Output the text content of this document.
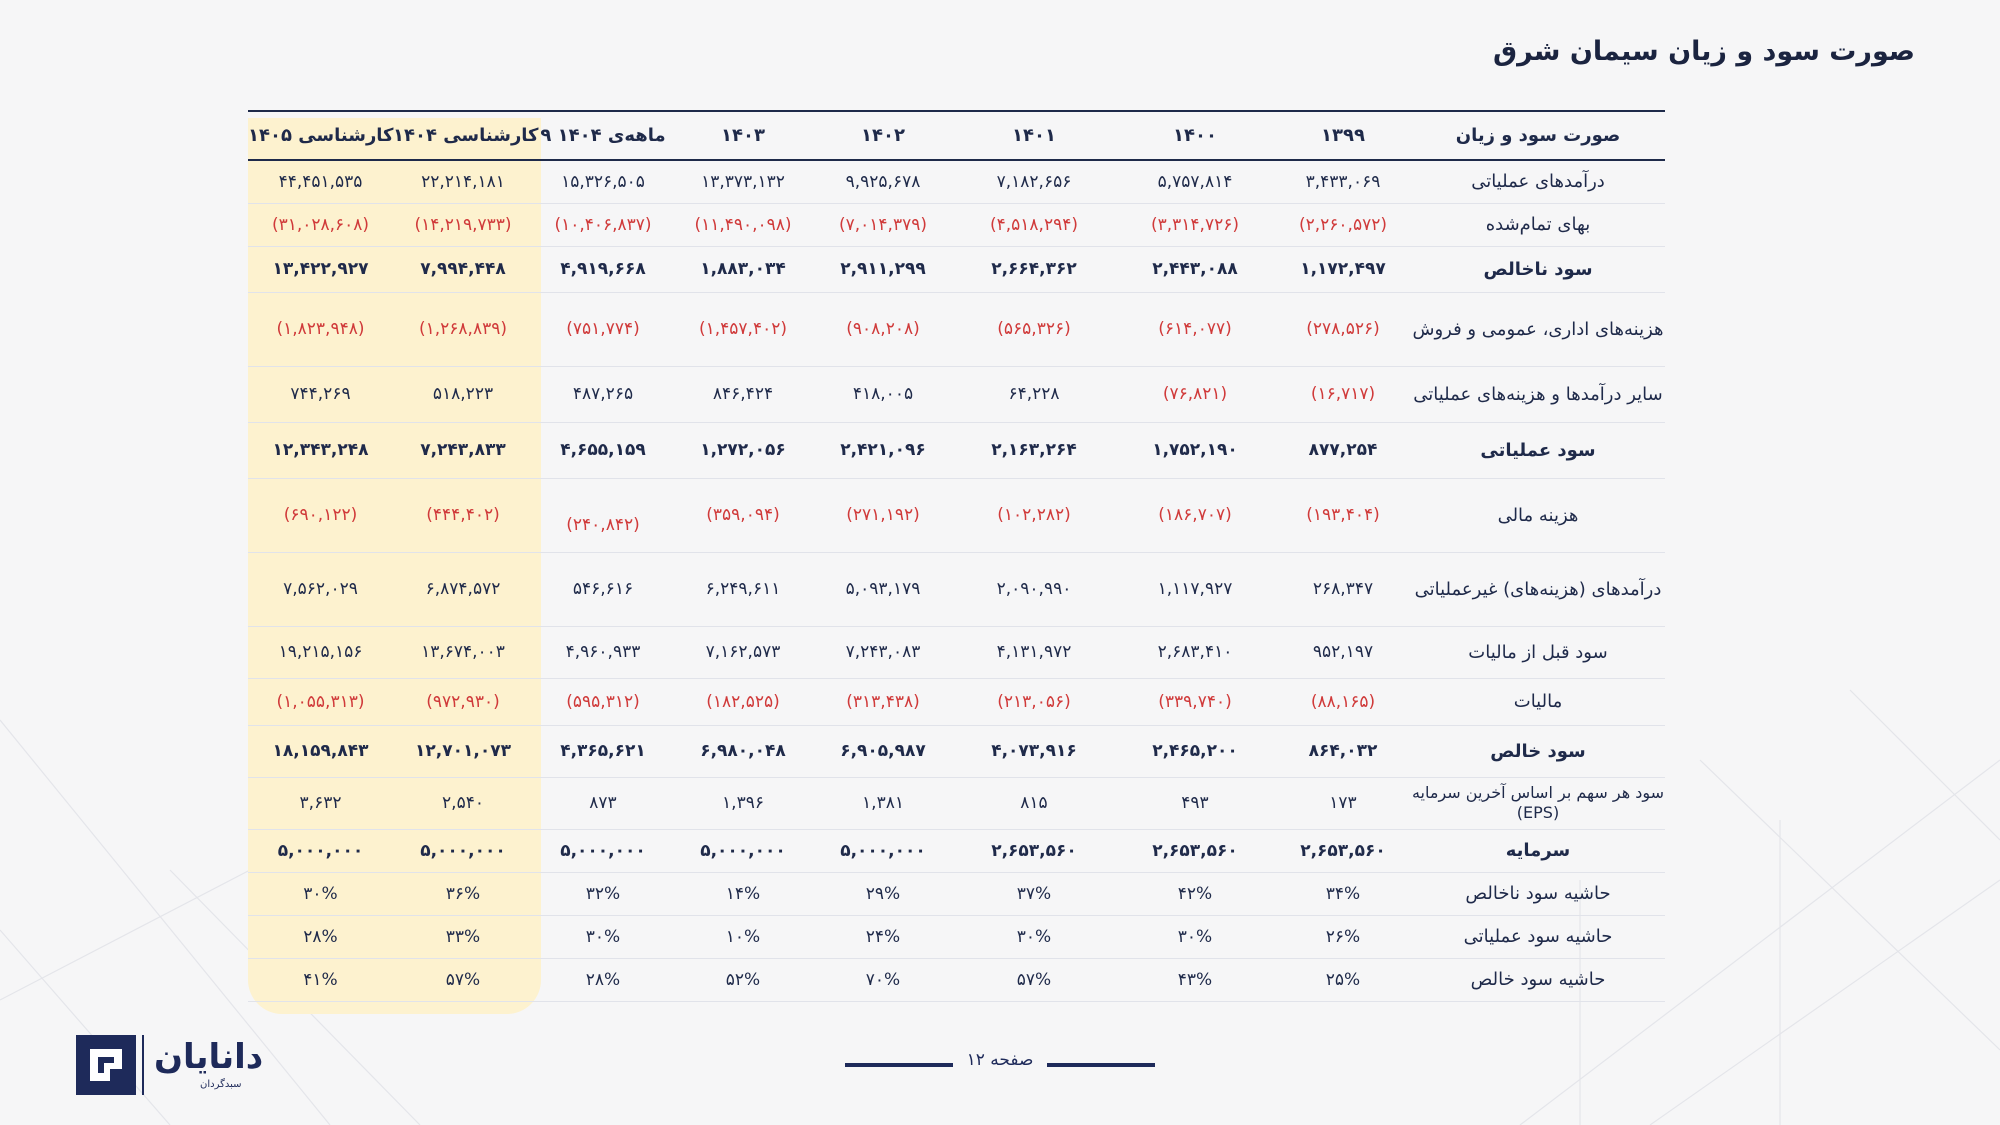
صورت سود و زیان سیمان شرق
کارشناسی ۱۴۰۵	کارشناسی ۱۴۰۴	۹ ماهه‌ی ۱۴۰۴	۱۴۰۳	۱۴۰۲	۱۴۰۱	۱۴۰۰	۱۳۹۹	صورت سود و زیان
۴۴,۴۵۱,۵۳۵	۲۲,۲۱۴,۱۸۱	۱۵,۳۲۶,۵۰۵	۱۳,۳۷۳,۱۳۲	۹,۹۲۵,۶۷۸	۷,۱۸۲,۶۵۶	۵,۷۵۷,۸۱۴	۳,۴۳۳,۰۶۹	درآمدهای عملیاتی
(۳۱,۰۲۸,۶۰۸)	(۱۴,۲۱۹,۷۳۳)	(۱۰,۴۰۶,۸۳۷)	(۱۱,۴۹۰,۰۹۸)	(۷,۰۱۴,۳۷۹)	(۴,۵۱۸,۲۹۴)	(۳,۳۱۴,۷۲۶)	(۲,۲۶۰,۵۷۲)	بهای تمام‌شده
۱۳,۴۲۲,۹۲۷	۷,۹۹۴,۴۴۸	۴,۹۱۹,۶۶۸	۱,۸۸۳,۰۳۴	۲,۹۱۱,۲۹۹	۲,۶۶۴,۳۶۲	۲,۴۴۳,۰۸۸	۱,۱۷۲,۴۹۷	سود ناخالص
(۱,۸۲۳,۹۴۸)	(۱,۲۶۸,۸۳۹)	(۷۵۱,۷۷۴)	(۱,۴۵۷,۴۰۲)	(۹۰۸,۲۰۸)	(۵۶۵,۳۲۶)	(۶۱۴,۰۷۷)	(۲۷۸,۵۲۶)	هزینه‌های اداری، عمومی و فروش
۷۴۴,۲۶۹	۵۱۸,۲۲۳	۴۸۷,۲۶۵	۸۴۶,۴۲۴	۴۱۸,۰۰۵	۶۴,۲۲۸	(۷۶,۸۲۱)	(۱۶,۷۱۷)	سایر درآمدها و هزینه‌های عملیاتی
۱۲,۳۴۳,۲۴۸	۷,۲۴۳,۸۳۳	۴,۶۵۵,۱۵۹	۱,۲۷۲,۰۵۶	۲,۴۲۱,۰۹۶	۲,۱۶۳,۲۶۴	۱,۷۵۲,۱۹۰	۸۷۷,۲۵۴	سود عملیاتی
(۶۹۰,۱۲۲)	(۴۴۴,۴۰۲)	(۲۴۰,۸۴۲)	(۳۵۹,۰۹۴)	(۲۷۱,۱۹۲)	(۱۰۲,۲۸۲)	(۱۸۶,۷۰۷)	(۱۹۳,۴۰۴)	هزینه مالی
۷,۵۶۲,۰۲۹	۶,۸۷۴,۵۷۲	۵۴۶,۶۱۶	۶,۲۴۹,۶۱۱	۵,۰۹۳,۱۷۹	۲,۰۹۰,۹۹۰	۱,۱۱۷,۹۲۷	۲۶۸,۳۴۷	درآمدهای (هزینه‌های) غیرعملیاتی
۱۹,۲۱۵,۱۵۶	۱۳,۶۷۴,۰۰۳	۴,۹۶۰,۹۳۳	۷,۱۶۲,۵۷۳	۷,۲۴۳,۰۸۳	۴,۱۳۱,۹۷۲	۲,۶۸۳,۴۱۰	۹۵۲,۱۹۷	سود قبل از مالیات
(۱,۰۵۵,۳۱۳)	(۹۷۲,۹۳۰)	(۵۹۵,۳۱۲)	(۱۸۲,۵۲۵)	(۳۱۳,۴۳۸)	(۲۱۳,۰۵۶)	(۳۳۹,۷۴۰)	(۸۸,۱۶۵)	مالیات
۱۸,۱۵۹,۸۴۳	۱۲,۷۰۱,۰۷۳	۴,۳۶۵,۶۲۱	۶,۹۸۰,۰۴۸	۶,۹۰۵,۹۸۷	۴,۰۷۳,۹۱۶	۲,۴۶۵,۲۰۰	۸۶۴,۰۳۲	سود خالص
۳,۶۳۲	۲,۵۴۰	۸۷۳	۱,۳۹۶	۱,۳۸۱	۸۱۵	۴۹۳	۱۷۳	سود هر سهم بر اساس آخرین سرمایه (EPS)
۵,۰۰۰,۰۰۰	۵,۰۰۰,۰۰۰	۵,۰۰۰,۰۰۰	۵,۰۰۰,۰۰۰	۵,۰۰۰,۰۰۰	۲,۶۵۳,۵۶۰	۲,۶۵۳,۵۶۰	۲,۶۵۳,۵۶۰	سرمایه
۳۰%	۳۶%	۳۲%	۱۴%	۲۹%	۳۷%	۴۲%	۳۴%	حاشیه سود ناخالص
۲۸%	۳۳%	۳۰%	۱۰%	۲۴%	۳۰%	۳۰%	۲۶%	حاشیه سود عملیاتی
۴۱%	۵۷%	۲۸%	۵۲%	۷۰%	۵۷%	۴۳%	۲۵%	حاشیه سود خالص
صفحه ۱۲
دانایان
سبدگردان
